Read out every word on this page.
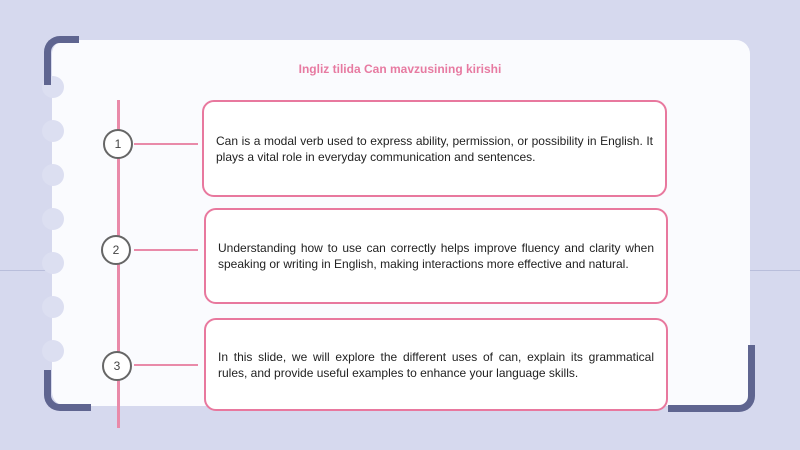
Ingliz tilida Can mavzusining kirishi
1	Can is a modal verb used to express ability, permission, or possibility in English. It plays a vital role in everyday communication and sentences.
2	Understanding how to use can correctly helps improve fluency and clarity when speaking or writing in English, making interactions more effective and natural.
3
In this slide, we will explore the different uses of can, explain its grammatical rules, and provide useful examples to enhance your language skills.
